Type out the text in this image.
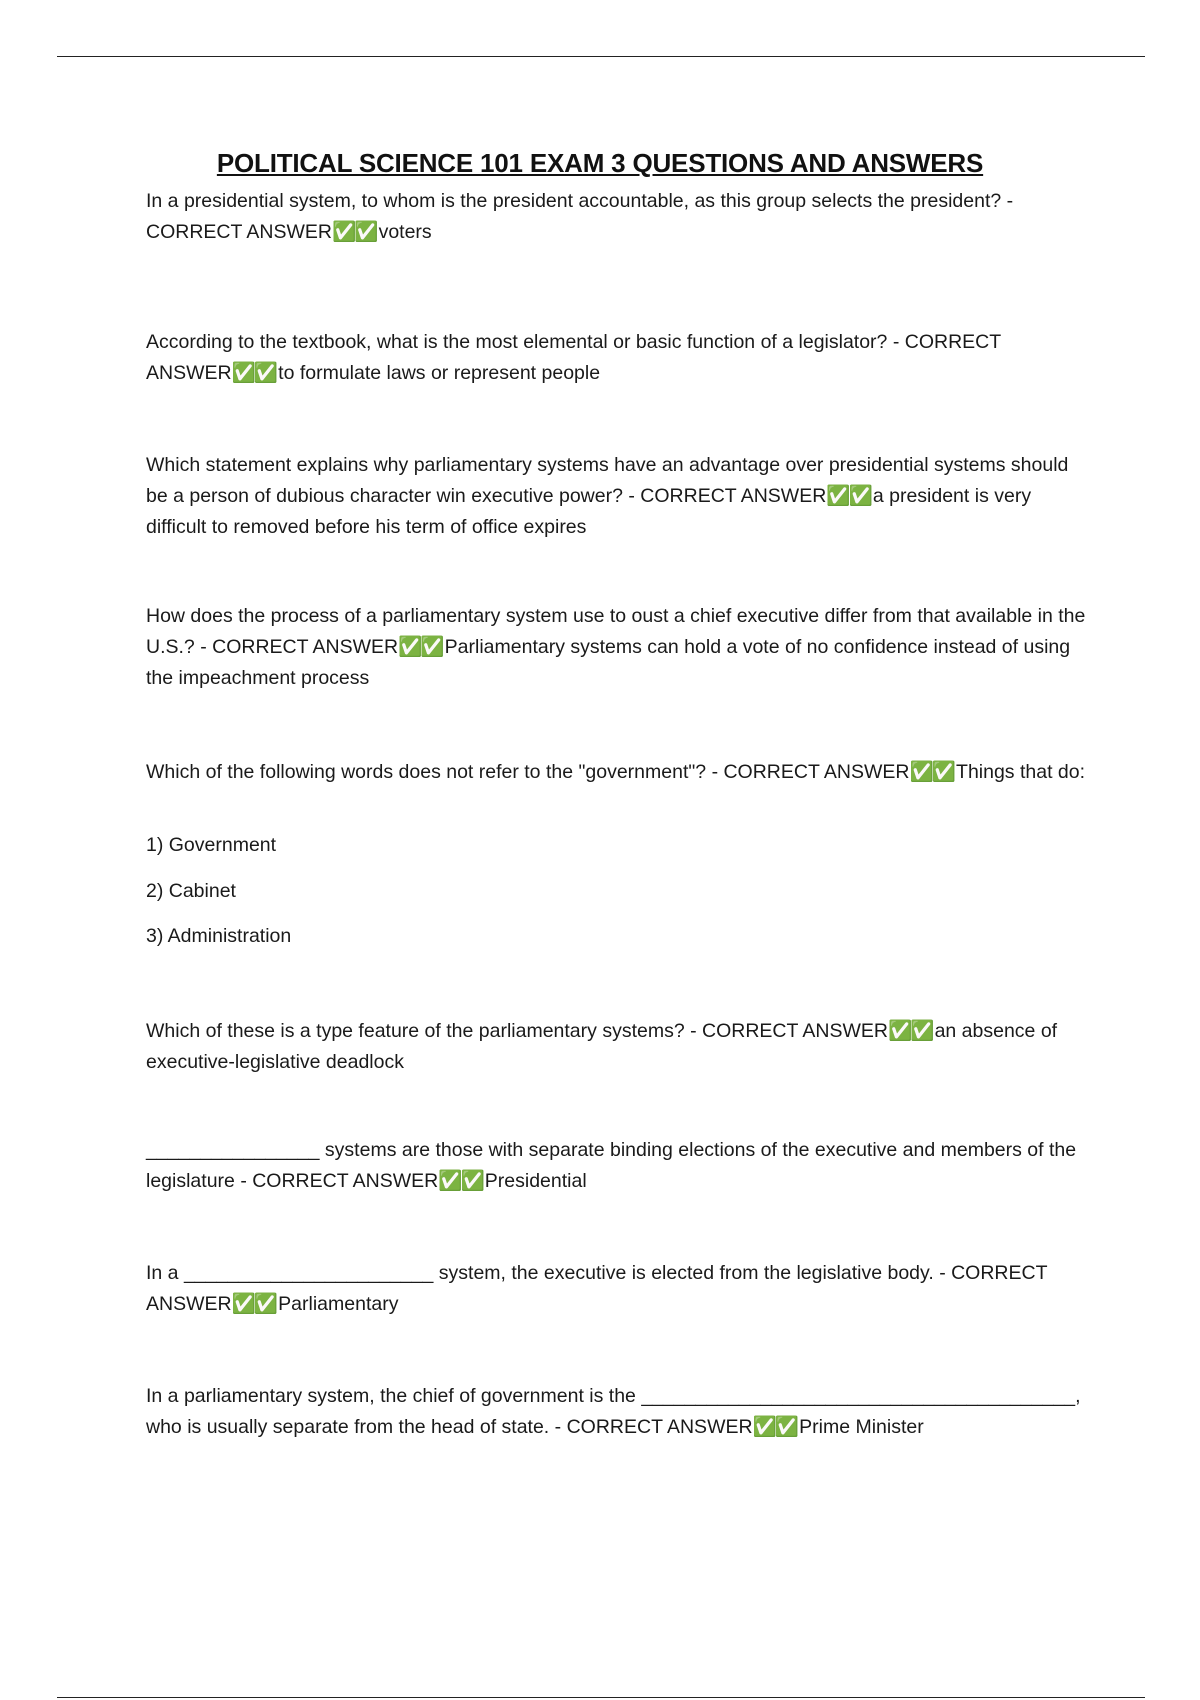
POLITICAL SCIENCE 101 EXAM 3 QUESTIONS AND ANSWERS

In a presidential system, to whom is the president accountable, as this group selects the president? - CORRECT ANSWER✅✅ voters

According to the textbook, what is the most elemental or basic function of a legislator? - CORRECT ANSWER✅✅ to formulate laws or represent people

Which statement explains why parliamentary systems have an advantage over presidential systems should be a person of dubious character win executive power? - CORRECT ANSWER✅✅ a president is very difficult to removed before his term of office expires

How does the process of a parliamentary system use to oust a chief executive differ from that available in the U.S.? - CORRECT ANSWER✅✅ Parliamentary systems can hold a vote of no confidence instead of using the impeachment process

Which of the following words does not refer to the "government"? - CORRECT ANSWER✅✅ Things that do:

1) Government
2) Cabinet
3) Administration

Which of these is a type feature of the parliamentary systems? - CORRECT ANSWER✅✅ an absence of executive-legislative deadlock

________________ systems are those with separate binding elections of the executive and members of the legislature - CORRECT ANSWER✅✅ Presidential

In a _______________________ system, the executive is elected from the legislative body. - CORRECT ANSWER✅✅ Parliamentary

In a parliamentary system, the chief of government is the ________________________________________, who is usually separate from the head of state. - CORRECT ANSWER✅✅ Prime Minister
